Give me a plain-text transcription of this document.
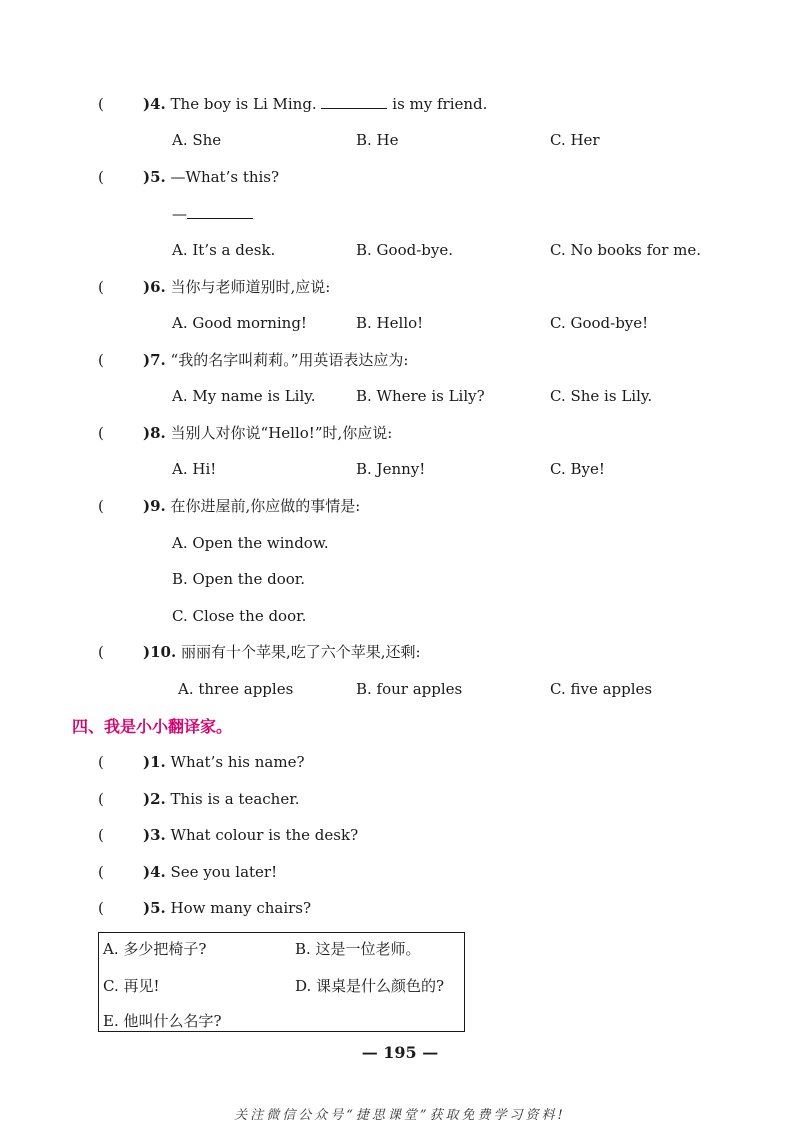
(	)4. The boy is Li Ming.	is my friend.
A. She	B. He	C. Her
(	)5. —What’s this?
—
A. It’s a desk.	B. Good-bye.	C. No books for me.
(	)6. 当你与老师道别时,应说:
A. Good morning!	B. Hello!	C. Good-bye!
(	)7. “我的名字叫莉莉。”用英语表达应为:
A. My name is Lily.	B. Where is Lily?	C. She is Lily.
(	)8. 当别人对你说“Hello!”时,你应说:
A. Hi!	B. Jenny!	C. Bye!
(	)9. 在你进屋前,你应做的事情是:
A. Open the window.
B. Open the door.
C. Close the door.
(	)10. 丽丽有十个苹果,吃了六个苹果,还剩:
A. three apples	B. four apples	C. five apples
四、我是小小翻译家。
(	)1. What’s his name?
(	)2. This is a teacher.
(	)3. What colour is the desk?
(	)4. See you later!
(	)5. How many chairs?
A. 多少把椅子?	B. 这是一位老师。
C. 再见!	D. 课桌是什么颜色的?
E. 他叫什么名字?
— 195 —
关注微信公众号“捷思课堂”获取免费学习资料!
